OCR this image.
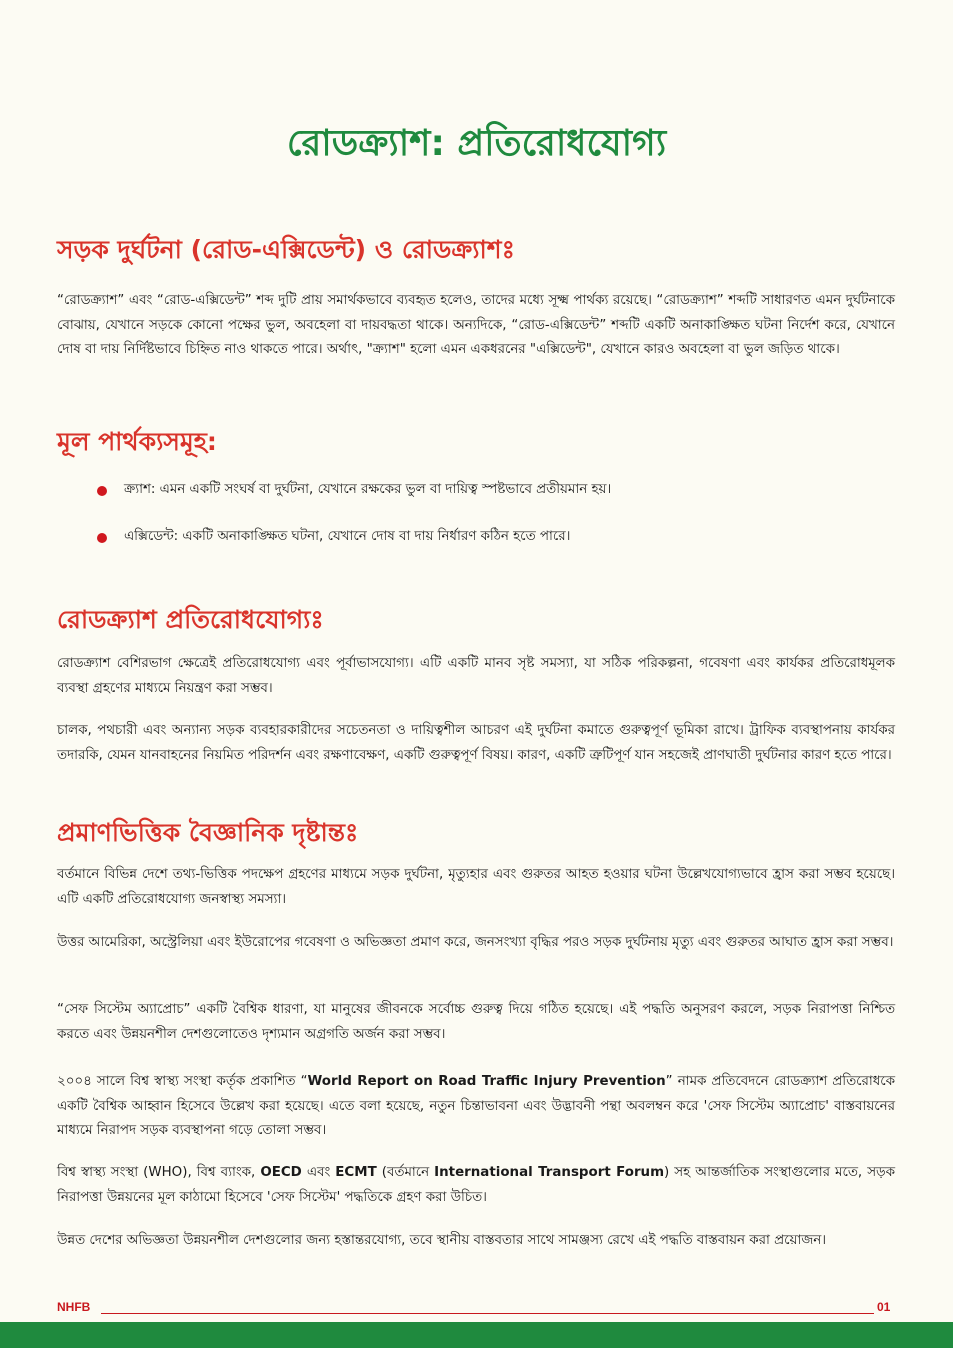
রোডক্র্যাশ: প্রতিরোধযোগ্য
সড়ক দুর্ঘটনা (রোড-এক্সিডেন্ট) ও রোডক্র্যাশঃ

“রোডক্র্যাশ” এবং “রোড-এক্সিডেন্ট” শব্দ দুটি প্রায় সমার্থকভাবে ব্যবহৃত হলেও, তাদের মধ্যে সূক্ষ্ম পার্থক্য রয়েছে। “রোডক্র্যাশ” শব্দটি সাধারণত এমন দুর্ঘটনাকে বোঝায়, যেখানে সড়কে কোনো পক্ষের ভুল, অবহেলা বা দায়বদ্ধতা থাকে। অন্যদিকে, “রোড-এক্সিডেন্ট” শব্দটি একটি অনাকাঙ্ক্ষিত ঘটনা নির্দেশ করে, যেখানে দোষ বা দায় নির্দিষ্টভাবে চিহ্নিত নাও থাকতে পারে। অর্থাৎ, "ক্র্যাশ" হলো এমন একধরনের "এক্সিডেন্ট", যেখানে কারও অবহেলা বা ভুল জড়িত থাকে।

মূল পার্থক্যসমূহ:

ক্র্যাশ: এমন একটি সংঘর্ষ বা দুর্ঘটনা, যেখানে রক্ষকের ভুল বা দায়িত্ব স্পষ্টভাবে প্রতীয়মান হয়।

এক্সিডেন্ট: একটি অনাকাঙ্ক্ষিত ঘটনা, যেখানে দোষ বা দায় নির্ধারণ কঠিন হতে পারে।

রোডক্র্যাশ প্রতিরোধযোগ্যঃ

রোডক্র্যাশ বেশিরভাগ ক্ষেত্রেই প্রতিরোধযোগ্য এবং পূর্বাভাসযোগ্য। এটি একটি মানব সৃষ্ট সমস্যা, যা সঠিক পরিকল্পনা, গবেষণা এবং কার্যকর প্রতিরোধমূলক ব্যবস্থা গ্রহণের মাধ্যমে নিয়ন্ত্রণ করা সম্ভব।

চালক, পথচারী এবং অন্যান্য সড়ক ব্যবহারকারীদের সচেতনতা ও দায়িত্বশীল আচরণ এই দুর্ঘটনা কমাতে গুরুত্বপূর্ণ ভূমিকা রাখে। ট্রাফিক ব্যবস্থাপনায় কার্যকর তদারকি, যেমন যানবাহনের নিয়মিত পরিদর্শন এবং রক্ষণাবেক্ষণ, একটি গুরুত্বপূর্ণ বিষয়। কারণ, একটি ত্রুটিপূর্ণ যান সহজেই প্রাণঘাতী দুর্ঘটনার কারণ হতে পারে।

প্রমাণভিত্তিক বৈজ্ঞানিক দৃষ্টান্তঃ

বর্তমানে বিভিন্ন দেশে তথ্য-ভিত্তিক পদক্ষেপ গ্রহণের মাধ্যমে সড়ক দুর্ঘটনা, মৃত্যুহার এবং গুরুতর আহত হওয়ার ঘটনা উল্লেখযোগ্যভাবে হ্রাস করা সম্ভব হয়েছে। এটি একটি প্রতিরোধযোগ্য জনস্বাস্থ্য সমস্যা।

উত্তর আমেরিকা, অস্ট্রেলিয়া এবং ইউরোপের গবেষণা ও অভিজ্ঞতা প্রমাণ করে, জনসংখ্যা বৃদ্ধির পরও সড়ক দুর্ঘটনায় মৃত্যু এবং গুরুতর আঘাত হ্রাস করা সম্ভব।

“সেফ সিস্টেম অ্যাপ্রোচ” একটি বৈশ্বিক ধারণা, যা মানুষের জীবনকে সর্বোচ্চ গুরুত্ব দিয়ে গঠিত হয়েছে। এই পদ্ধতি অনুসরণ করলে, সড়ক নিরাপত্তা নিশ্চিত করতে এবং উন্নয়নশীল দেশগুলোতেও দৃশ্যমান অগ্রগতি অর্জন করা সম্ভব।

২০০৪ সালে বিশ্ব স্বাস্থ্য সংস্থা কর্তৃক প্রকাশিত “World Report on Road Traffic Injury Prevention” নামক প্রতিবেদনে রোডক্র্যাশ প্রতিরোধকে একটি বৈশ্বিক আহ্বান হিসেবে উল্লেখ করা হয়েছে। এতে বলা হয়েছে, নতুন চিন্তাভাবনা এবং উদ্ভাবনী পন্থা অবলম্বন করে 'সেফ সিস্টেম অ্যাপ্রোচ' বাস্তবায়নের মাধ্যমে নিরাপদ সড়ক ব্যবস্থাপনা গড়ে তোলা সম্ভব।

বিশ্ব স্বাস্থ্য সংস্থা (WHO), বিশ্ব ব্যাংক, OECD এবং ECMT (বর্তমানে International Transport Forum) সহ আন্তর্জাতিক সংস্থাগুলোর মতে, সড়ক নিরাপত্তা উন্নয়নের মূল কাঠামো হিসেবে 'সেফ সিস্টেম' পদ্ধতিকে গ্রহণ করা উচিত।

উন্নত দেশের অভিজ্ঞতা উন্নয়নশীল দেশগুলোর জন্য হস্তান্তরযোগ্য, তবে স্থানীয় বাস্তবতার সাথে সামঞ্জস্য রেখে এই পদ্ধতি বাস্তবায়ন করা প্রয়োজন।

NHFB	01
